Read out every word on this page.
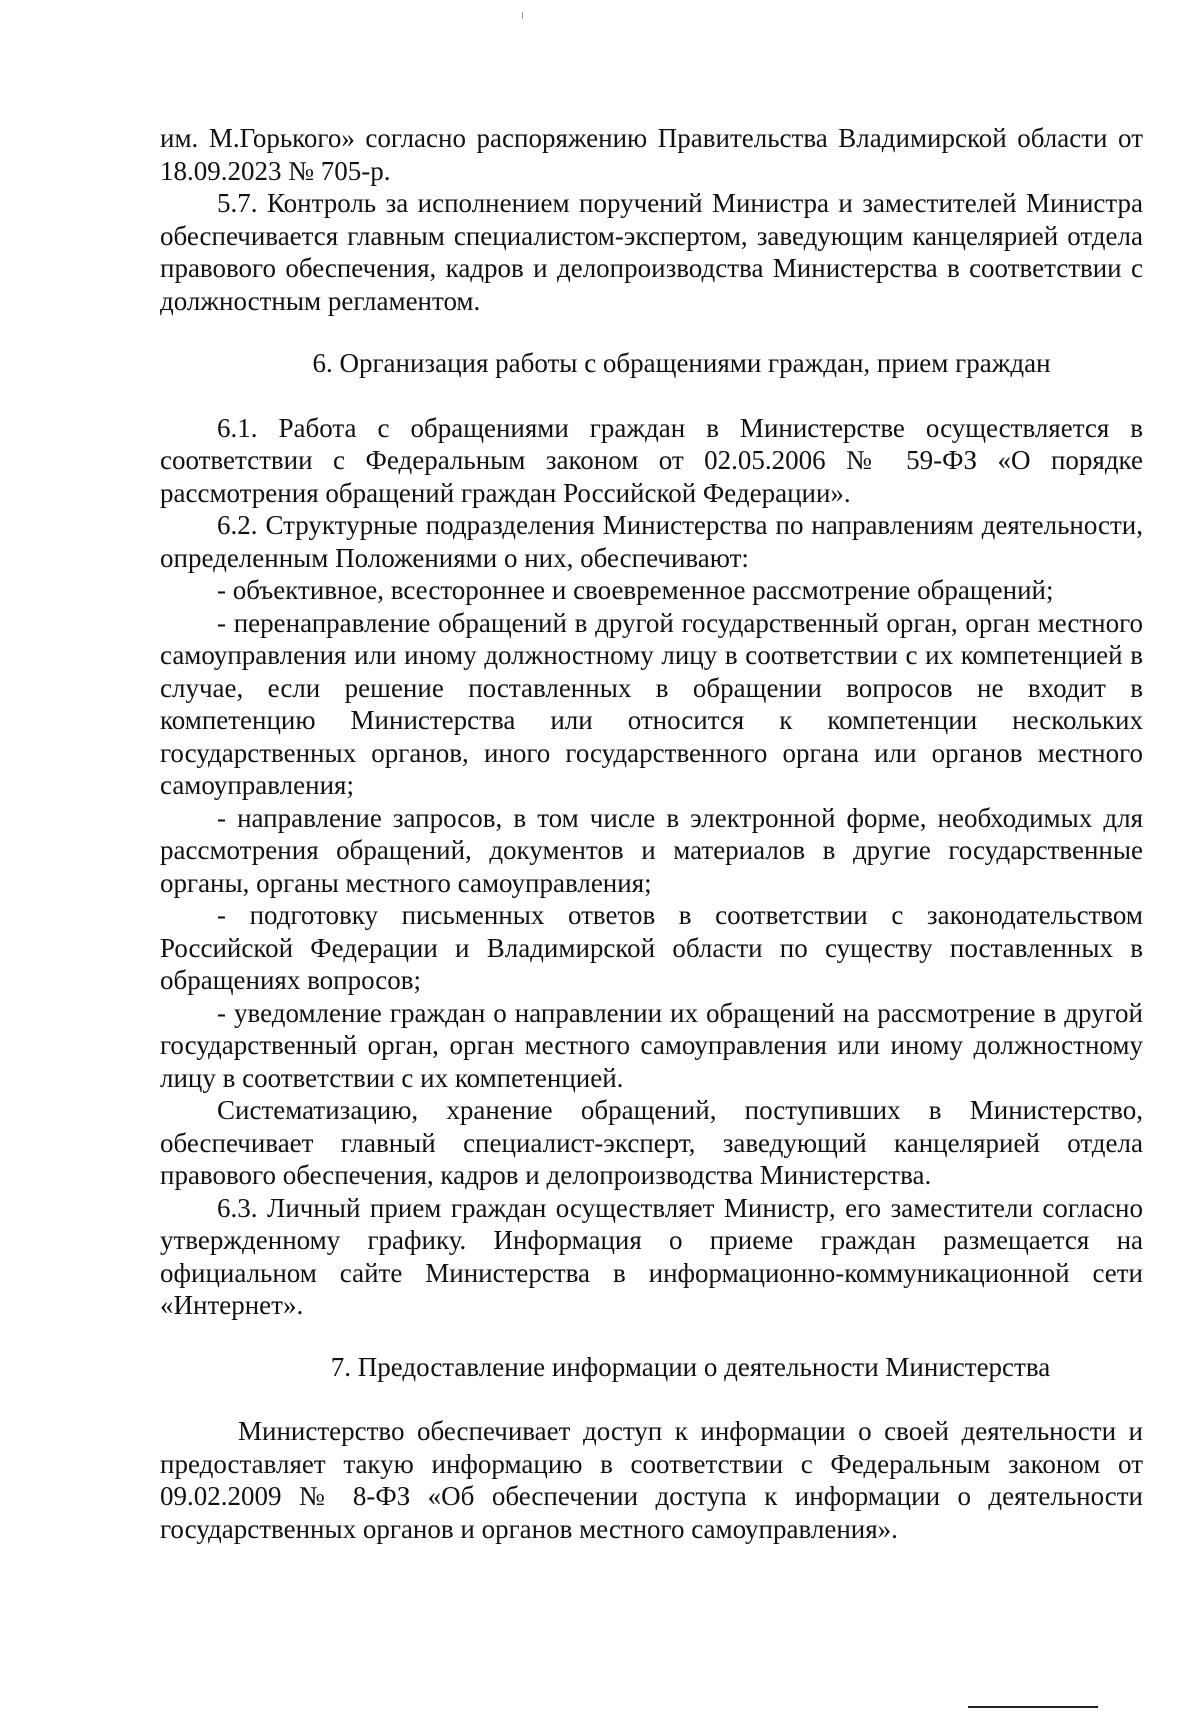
им. М.Горького» согласно распоряжению Правительства Владимирской области от 18.09.2023 № 705-р.

5.7. Контроль за исполнением поручений Министра и заместителей Министра обеспечивается главным специалистом-экспертом, заведующим канцелярией отдела правового обеспечения, кадров и делопроизводства Министерства в соответствии с должностным регламентом.

6. Организация работы с обращениями граждан, прием граждан

6.1. Работа с обращениями граждан в Министерстве осуществляется в соответствии с Федеральным законом от 02.05.2006 № 59-ФЗ «О порядке рассмотрения обращений граждан Российской Федерации».

6.2. Структурные подразделения Министерства по направлениям деятельности, определенным Положениями о них, обеспечивают:

- объективное, всестороннее и своевременное рассмотрение обращений;

- перенаправление обращений в другой государственный орган, орган местного самоуправления или иному должностному лицу в соответствии с их компетенцией в случае, если решение поставленных в обращении вопросов не входит в компетенцию Министерства или относится к компетенции нескольких государственных органов, иного государственного органа или органов местного самоуправления;

- направление запросов, в том числе в электронной форме, необходимых для рассмотрения обращений, документов и материалов в другие государственные органы, органы местного самоуправления;

- подготовку письменных ответов в соответствии с законодательством Российской Федерации и Владимирской области по существу поставленных в обращениях вопросов;

- уведомление граждан о направлении их обращений на рассмотрение в другой государственный орган, орган местного самоуправления или иному должностному лицу в соответствии с их компетенцией.

Систематизацию, хранение обращений, поступивших в Министерство, обеспечивает главный специалист-эксперт, заведующий канцелярией отдела правового обеспечения, кадров и делопроизводства Министерства.

6.3. Личный прием граждан осуществляет Министр, его заместители согласно утвержденному графику. Информация о приеме граждан размещается на официальном сайте Министерства в информационно-коммуникационной сети «Интернет».

7. Предоставление информации о деятельности Министерства

Министерство обеспечивает доступ к информации о своей деятельности и предоставляет такую информацию в соответствии с Федеральным законом от 09.02.2009 № 8-ФЗ «Об обеспечении доступа к информации о деятельности государственных органов и органов местного самоуправления».
